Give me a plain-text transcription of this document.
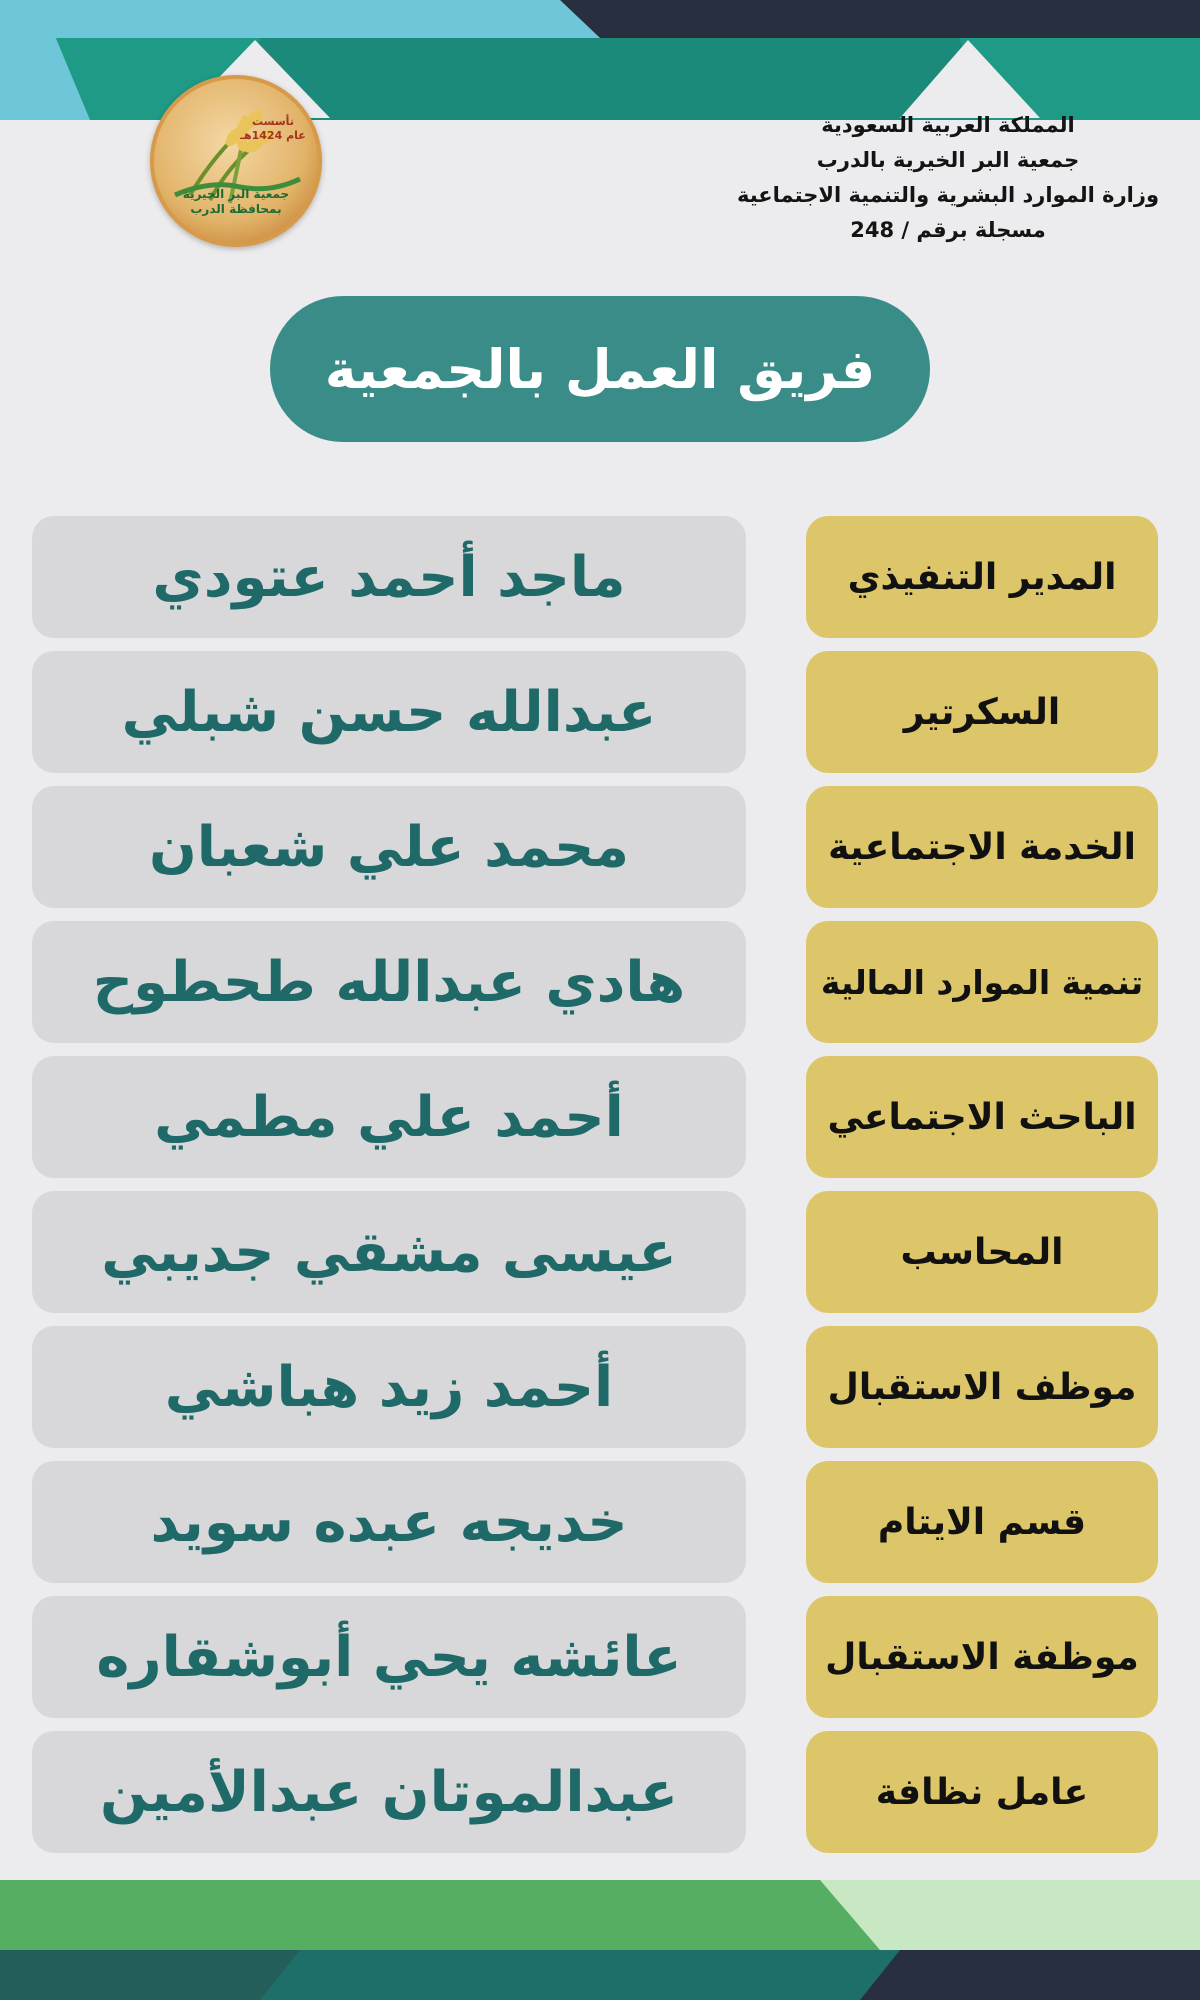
تأسست
عام 1424هـ
جمعية البر الخيرية
بمحافظة الدرب
المملكة العربية السعودية
جمعية البر الخيرية بالدرب
وزارة الموارد البشرية والتنمية الاجتماعية
مسجلة برقم / 248
فريق العمل بالجمعية
ماجد أحمد عتودي	المدير التنفيذي
عبدالله حسن شبلي	السكرتير
محمد علي شعبان	الخدمة الاجتماعية
هادي عبدالله طحطوح	تنمية الموارد المالية
أحمد علي مطمي	الباحث الاجتماعي
عيسى مشقي جديبي	المحاسب
أحمد زيد هباشي	موظف الاستقبال
خديجه عبده سويد	قسم الايتام
عائشه يحي أبوشقاره	موظفة الاستقبال
عبدالموتان عبدالأمين	عامل نظافة
